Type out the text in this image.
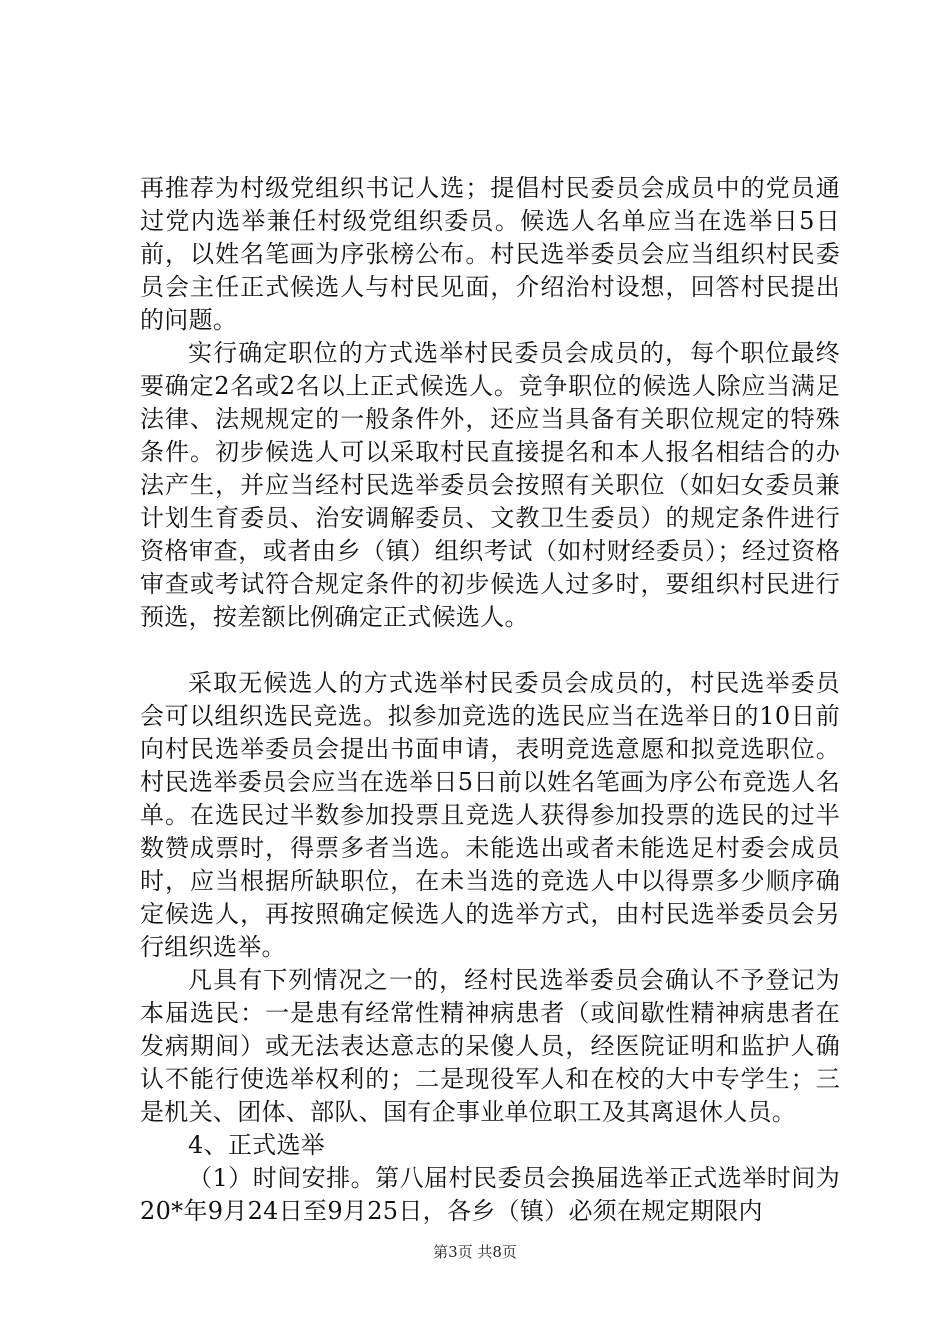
再推荐为村级党组织书记人选；提倡村民委员会成员中的党员通过党内选举兼任村级党组织委员。候选人名单应当在选举日5日前，以姓名笔画为序张榜公布。村民选举委员会应当组织村民委员会主任正式候选人与村民见面，介绍治村设想，回答村民提出的问题。

实行确定职位的方式选举村民委员会成员的，每个职位最终要确定2名或2名以上正式候选人。竞争职位的候选人除应当满足法律、法规规定的一般条件外，还应当具备有关职位规定的特殊条件。初步候选人可以采取村民直接提名和本人报名相结合的办法产生，并应当经村民选举委员会按照有关职位（如妇女委员兼计划生育委员、治安调解委员、文教卫生委员）的规定条件进行资格审查，或者由乡（镇）组织考试（如村财经委员）；经过资格审查或考试符合规定条件的初步候选人过多时，要组织村民进行预选，按差额比例确定正式候选人。

采取无候选人的方式选举村民委员会成员的，村民选举委员会可以组织选民竞选。拟参加竞选的选民应当在选举日的10日前向村民选举委员会提出书面申请，表明竞选意愿和拟竞选职位。村民选举委员会应当在选举日5日前以姓名笔画为序公布竞选人名单。在选民过半数参加投票且竞选人获得参加投票的选民的过半数赞成票时，得票多者当选。未能选出或者未能选足村委会成员时，应当根据所缺职位，在未当选的竞选人中以得票多少顺序确定候选人，再按照确定候选人的选举方式，由村民选举委员会另行组织选举。

凡具有下列情况之一的，经村民选举委员会确认不予登记为本届选民：一是患有经常性精神病患者（或间歇性精神病患者在发病期间）或无法表达意志的呆傻人员，经医院证明和监护人确认不能行使选举权利的；二是现役军人和在校的大中专学生；三是机关、团体、部队、国有企事业单位职工及其离退休人员。

4、正式选举

（1）时间安排。第八届村民委员会换届选举正式选举时间为20*年9月24日至9月25日，各乡（镇）必须在规定期限内

第3页 共8页
